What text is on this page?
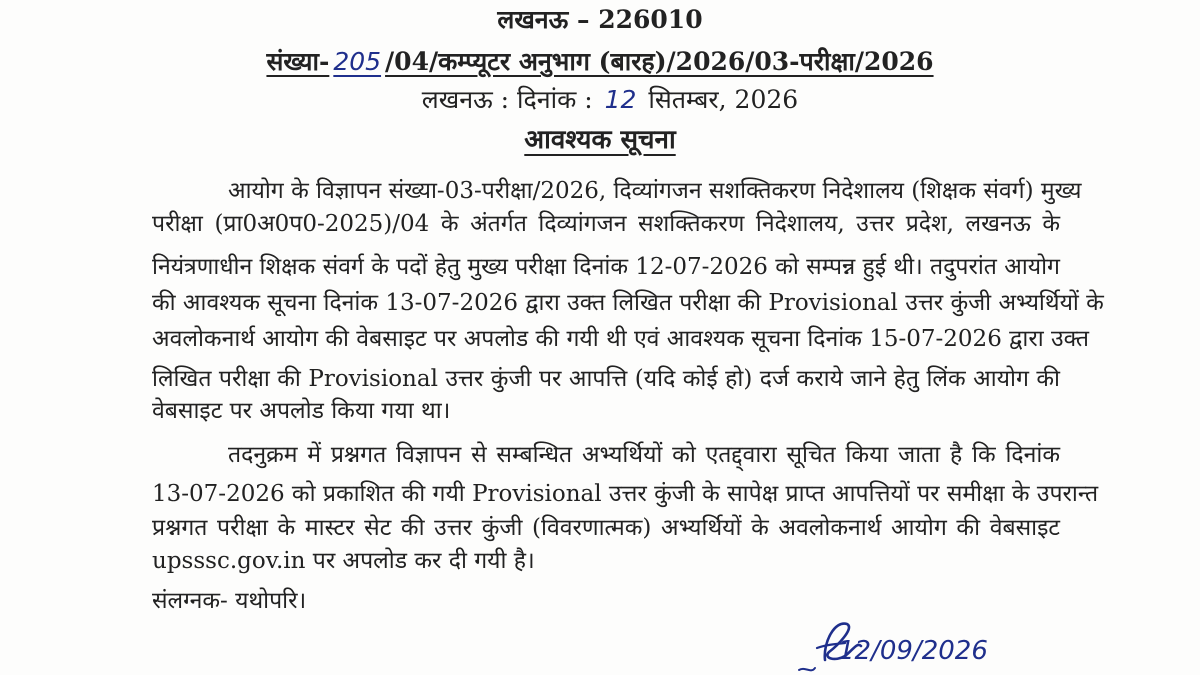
लखनऊ – 226010
संख्या- 205 /04/कम्प्यूटर अनुभाग (बारह)/2026/03-परीक्षा/2026
लखनऊ : दिनांक : 12 सितम्बर, 2026
आवश्यक सूचना
आयोग के विज्ञापन संख्या-03-परीक्षा/2026, दिव्यांगजन सशक्तिकरण निदेशालय (शिक्षक संवर्ग) मुख्य
परीक्षा (प्रा0अ0प0-2025)/04 के अंतर्गत दिव्यांगजन सशक्तिकरण निदेशालय, उत्तर प्रदेश, लखनऊ के
नियंत्रणाधीन शिक्षक संवर्ग के पदों हेतु मुख्य परीक्षा दिनांक 12-07-2026 को सम्पन्न हुई थी। तदुपरांत आयोग
की आवश्यक सूचना दिनांक 13-07-2026 द्वारा उक्त लिखित परीक्षा की Provisional उत्तर कुंजी अभ्यर्थियों के
अवलोकनार्थ आयोग की वेबसाइट पर अपलोड की गयी थी एवं आवश्यक सूचना दिनांक 15-07-2026 द्वारा उक्त
लिखित परीक्षा की Provisional उत्तर कुंजी पर आपत्ति (यदि कोई हो) दर्ज कराये जाने हेतु लिंक आयोग की
वेबसाइट पर अपलोड किया गया था।
तदनुक्रम में प्रश्नगत विज्ञापन से सम्बन्धित अभ्यर्थियों को एतद्द्वारा सूचित किया जाता है कि दिनांक
13-07-2026 को प्रकाशित की गयी Provisional उत्तर कुंजी के सापेक्ष प्राप्त आपत्तियों पर समीक्षा के उपरान्त
प्रश्नगत परीक्षा के मास्टर सेट की उत्तर कुंजी (विवरणात्मक) अभ्यर्थियों के अवलोकनार्थ आयोग की वेबसाइट
upsssc.gov.in पर अपलोड कर दी गयी है।
संलग्नक- यथोपरि।
12/09/2026
